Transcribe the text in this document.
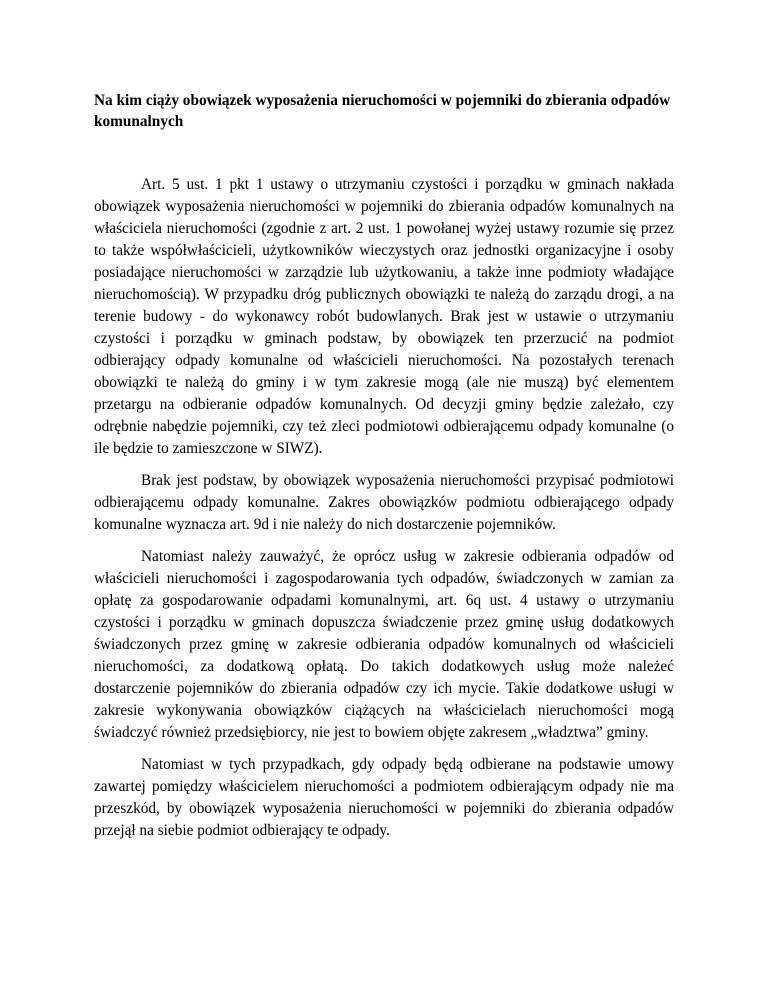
Na kim ciąży obowiązek wyposażenia nieruchomości w pojemniki do zbierania odpadów komunalnych

Art. 5 ust. 1 pkt 1 ustawy o utrzymaniu czystości i porządku w gminach nakłada obowiązek wyposażenia nieruchomości w pojemniki do zbierania odpadów komunalnych na właściciela nieruchomości (zgodnie z art. 2 ust. 1 powołanej wyżej ustawy rozumie się przez to także współwłaścicieli, użytkowników wieczystych oraz jednostki organizacyjne i osoby posiadające nieruchomości w zarządzie lub użytkowaniu, a także inne podmioty władające nieruchomością). W przypadku dróg publicznych obowiązki te należą do zarządu drogi, a na terenie budowy - do wykonawcy robót budowlanych. Brak jest w ustawie o utrzymaniu czystości i porządku w gminach podstaw, by obowiązek ten przerzucić na podmiot odbierający odpady komunalne od właścicieli nieruchomości. Na pozostałych terenach obowiązki te należą do gminy i w tym zakresie mogą (ale nie muszą) być elementem przetargu na odbieranie odpadów komunalnych. Od decyzji gminy będzie zależało, czy odrębnie nabędzie pojemniki, czy też zleci podmiotowi odbierającemu odpady komunalne (o ile będzie to zamieszczone w SIWZ).

Brak jest podstaw, by obowiązek wyposażenia nieruchomości przypisać podmiotowi odbierającemu odpady komunalne. Zakres obowiązków podmiotu odbierającego odpady komunalne wyznacza art. 9d i nie należy do nich dostarczenie pojemników.

Natomiast należy zauważyć, że oprócz usług w zakresie odbierania odpadów od właścicieli nieruchomości i zagospodarowania tych odpadów, świadczonych w zamian za opłatę za gospodarowanie odpadami komunalnymi, art. 6q ust. 4 ustawy o utrzymaniu czystości i porządku w gminach dopuszcza świadczenie przez gminę usług dodatkowych świadczonych przez gminę w zakresie odbierania odpadów komunalnych od właścicieli nieruchomości, za dodatkową opłatą. Do takich dodatkowych usług może należeć dostarczenie pojemników do zbierania odpadów czy ich mycie. Takie dodatkowe usługi w zakresie wykonywania obowiązków ciążących na właścicielach nieruchomości mogą świadczyć również przedsiębiorcy, nie jest to bowiem objęte zakresem „władztwa” gminy.

Natomiast w tych przypadkach, gdy odpady będą odbierane na podstawie umowy zawartej pomiędzy właścicielem nieruchomości a podmiotem odbierającym odpady nie ma przeszkód, by obowiązek wyposażenia nieruchomości w pojemniki do zbierania odpadów przejął na siebie podmiot odbierający te odpady.
